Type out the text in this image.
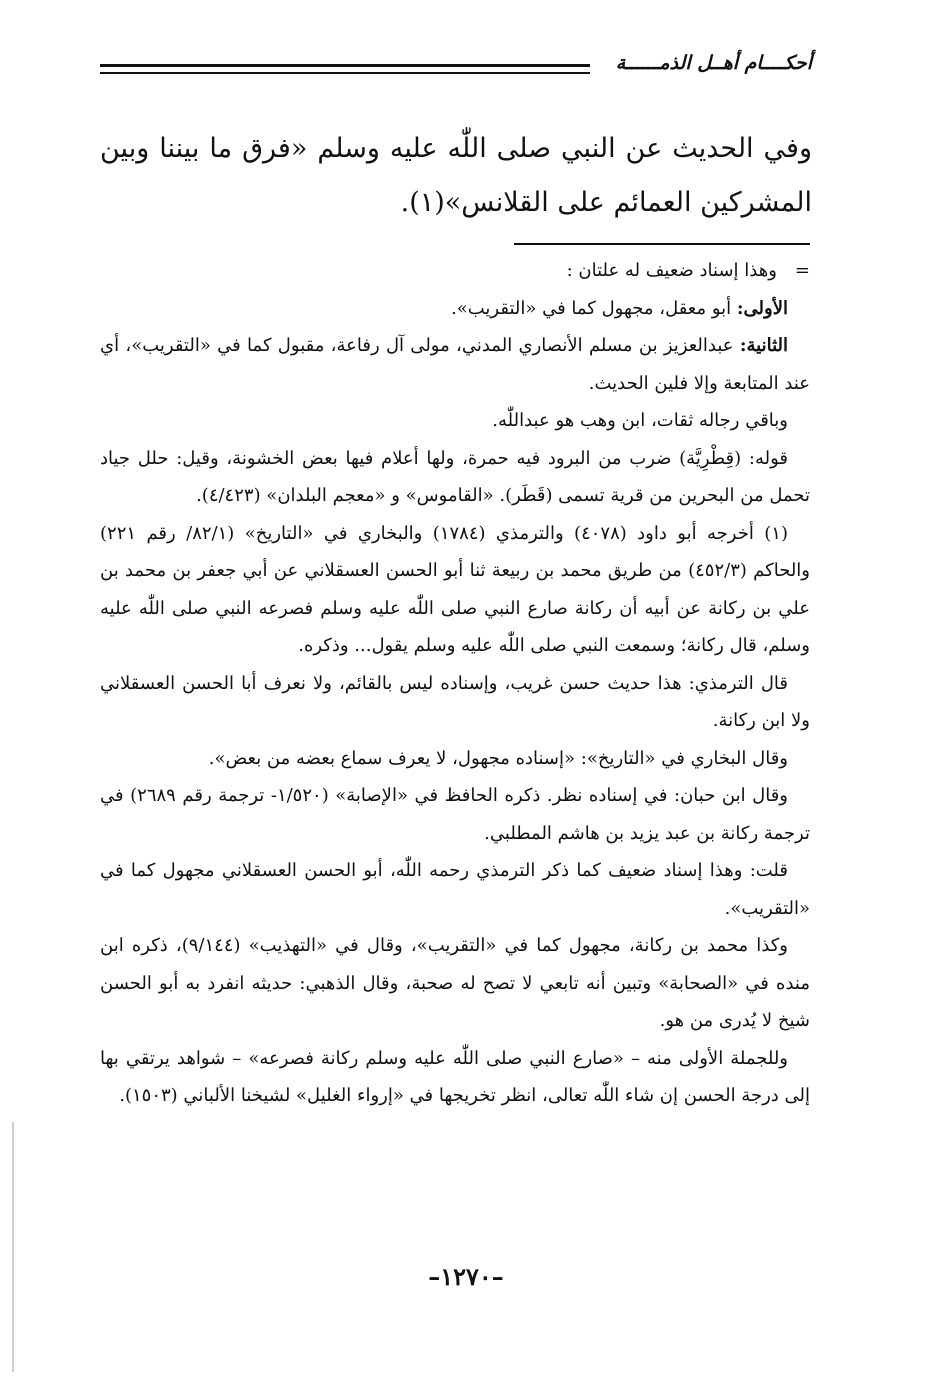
أحكــــام أهــل الذمــــــة
وفي الحديث عن النبي صلى اللّٰه عليه وسلم «فرق ما بيننا وبين المشركين العمائم على القلانس»(١).

=وهذا إسناد ضعيف له علتان :

الأولى: أبو معقل، مجهول كما في «التقريب».

الثانية: عبدالعزيز بن مسلم الأنصاري المدني، مولى آل رفاعة، مقبول كما في «التقريب»، أي عند المتابعة وإلا فلين الحديث.

وباقي رجاله ثقات، ابن وهب هو عبداللّٰه.

قوله: (قِطْرِيَّة) ضرب من البرود فيه حمرة، ولها أعلام فيها بعض الخشونة، وقيل: حلل جياد تحمل من البحرين من قرية تسمى (قَطَر). «القاموس» و «معجم البلدان» (٤/٤٢٣).

(١) أخرجه أبو داود (٤٠٧٨) والترمذي (١٧٨٤) والبخاري في «التاريخ» (٨٢/١/ رقم ٢٢١) والحاكم (٤٥٢/٣) من طريق محمد بن ربيعة ثنا أبو الحسن العسقلاني عن أبي جعفر بن محمد بن علي بن ركانة عن أبيه أن ركانة صارع النبي صلى اللّٰه عليه وسلم فصرعه النبي صلى اللّٰه عليه وسلم، قال ركانة؛ وسمعت النبي صلى اللّٰه عليه وسلم يقول... وذكره.

قال الترمذي: هذا حديث حسن غريب، وإسناده ليس بالقائم، ولا نعرف أبا الحسن العسقلاني ولا ابن ركانة.

وقال البخاري في «التاريخ»: «إسناده مجهول، لا يعرف سماع بعضه من بعض».

وقال ابن حبان: في إسناده نظر. ذكره الحافظ في «الإصابة» (١/٥٢٠- ترجمة رقم ٢٦٨٩) في ترجمة ركانة بن عبد يزيد بن هاشم المطلبي.

قلت: وهذا إسناد ضعيف كما ذكر الترمذي رحمه اللّٰه، أبو الحسن العسقلاني مجهول كما في «التقريب».

وكذا محمد بن ركانة، مجهول كما في «التقريب»، وقال في «التهذيب» (٩/١٤٤)، ذكره ابن منده في «الصحابة» وتبين أنه تابعي لا تصح له صحبة، وقال الذهبي: حديثه انفرد به أبو الحسن شيخ لا يُدرى من هو.

وللجملة الأولى منه – «صارع النبي صلى اللّٰه عليه وسلم ركانة فصرعه» – شواهد يرتقي بها إلى درجة الحسن إن شاء اللّٰه تعالى، انظر تخريجها في «إرواء الغليل» لشيخنا الألباني (١٥٠٣).

–١٢٧٠–
